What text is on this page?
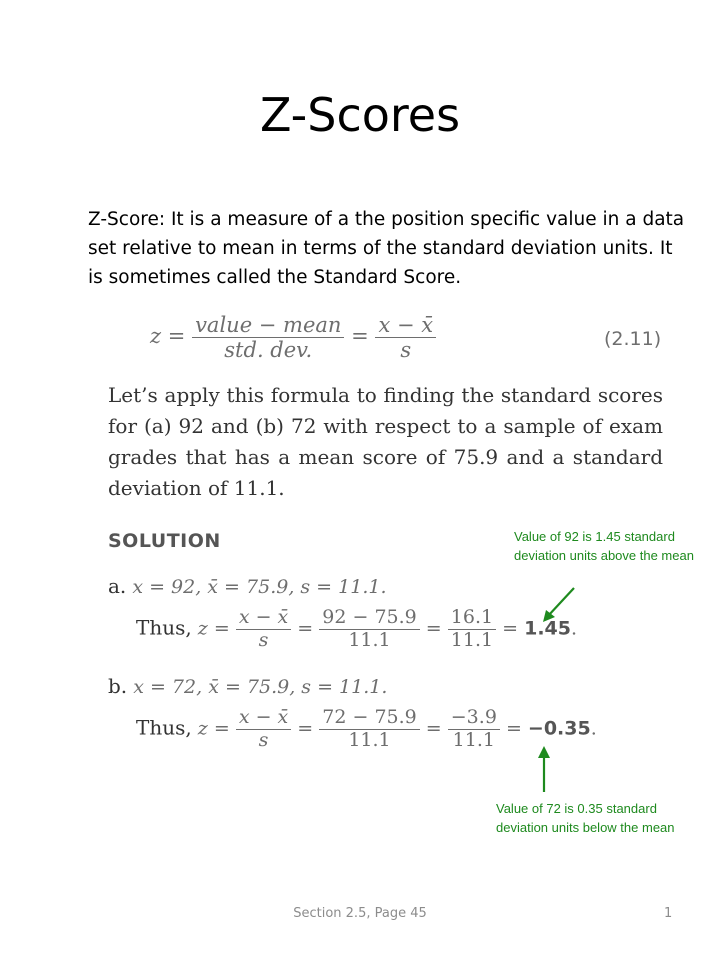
Z-Scores
Z-Score: It is a measure of a the position specific value in a data set relative to mean in terms of the standard deviation units. It is sometimes called the Standard Score.
$z = \frac{\text{value − mean}}{\text{std. dev.}} = \frac{x - x̄}{s}$	(2.11)
Let’s apply this formula to finding the standard scores for (a) 92 and (b) 72 with respect to a sample of exam grades that has a mean score of 75.9 and a standard deviation of 11.1.
SOLUTION
a. x = 92, x̄ = 75.9, s = 11.1.
Thus, $z = \frac{x - x̄}{s} = \frac{92 - 75.9}{11.1} = \frac{16.1}{11.1} = 1.45$.
b. x = 72, x̄ = 75.9, s = 11.1.
Thus, $z = \frac{x - x̄}{s} = \frac{72 - 75.9}{11.1} = \frac{-3.9}{11.1} = -0.35$.
Value of 92 is 1.45 standard deviation units above the mean
Value of 72 is 0.35 standard deviation units below the mean
Section 2.5, Page 45	1
